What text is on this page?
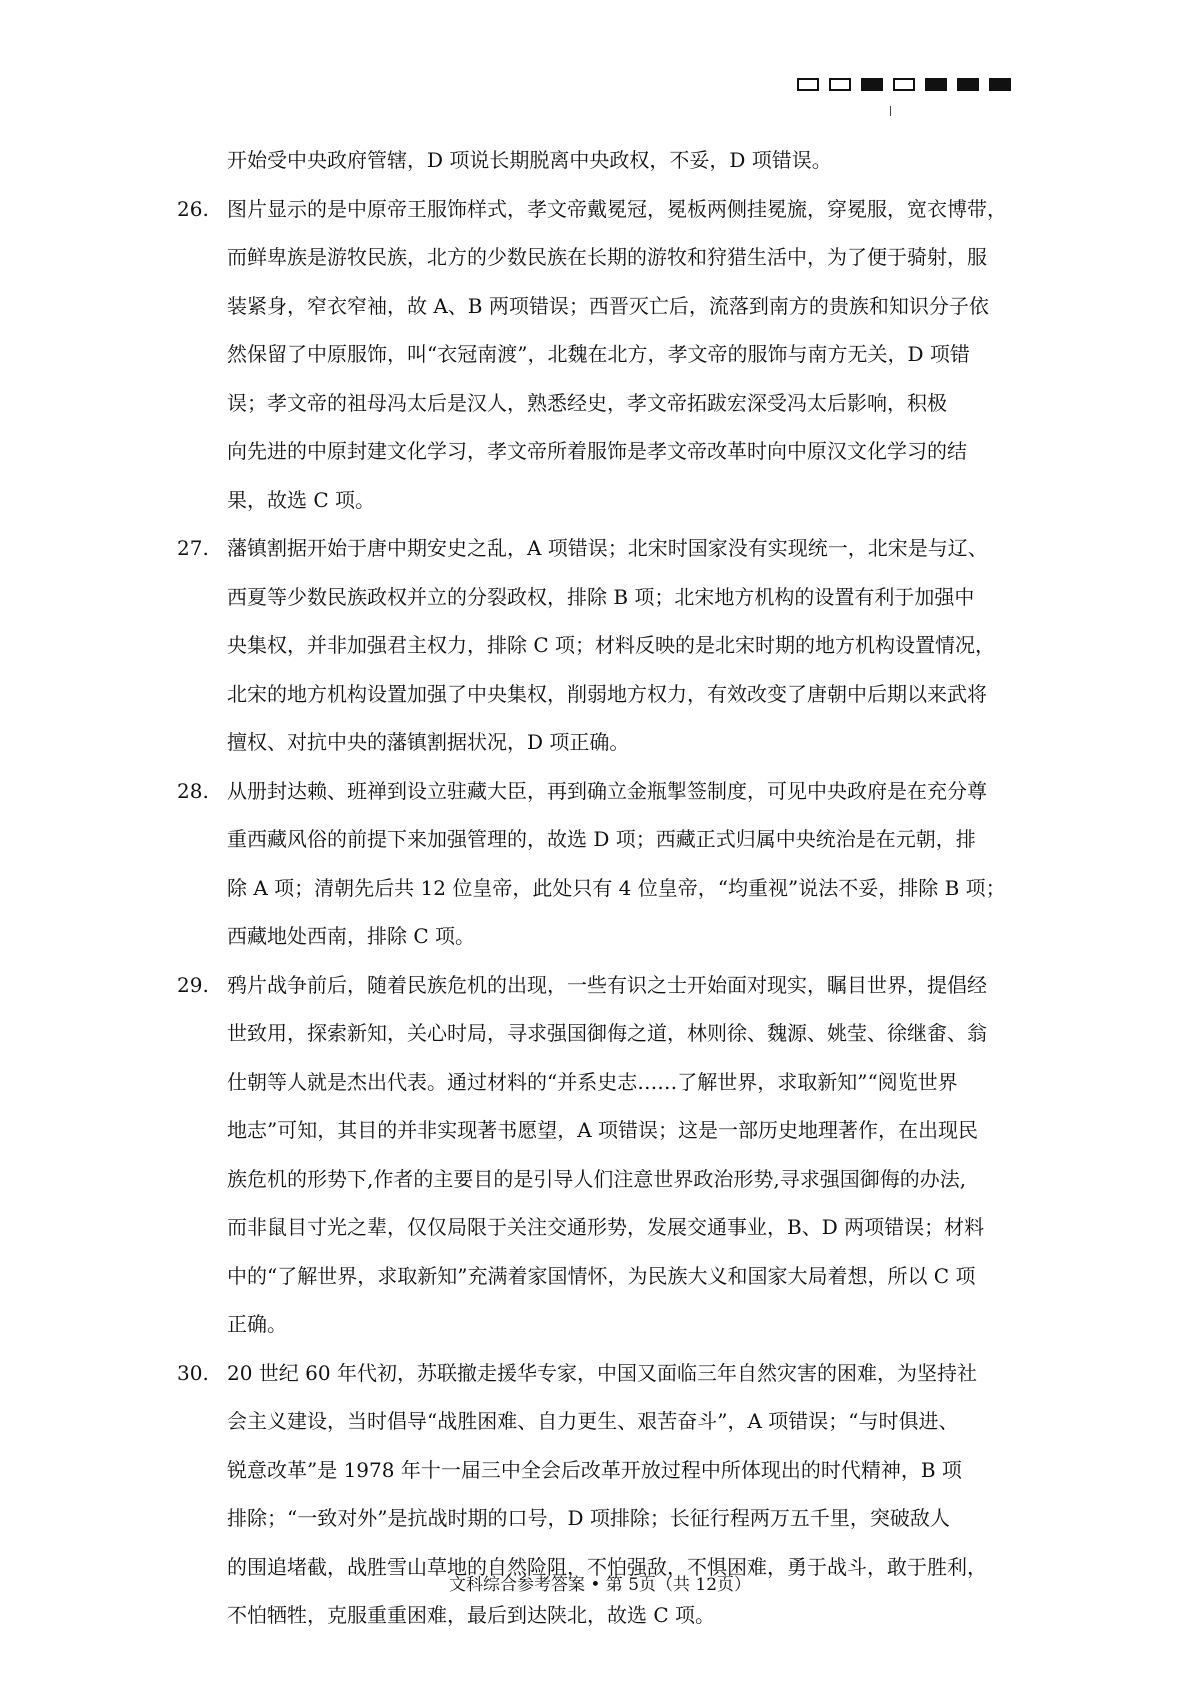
开始受中央政府管辖，D 项说长期脱离中央政权，不妥，D 项错误。
26. 图片显示的是中原帝王服饰样式，孝文帝戴冕冠，冕板两侧挂冕旒，穿冕服，宽衣博带，
而鲜卑族是游牧民族，北方的少数民族在长期的游牧和狩猎生活中，为了便于骑射，服
装紧身，窄衣窄袖，故 A、B 两项错误；西晋灭亡后，流落到南方的贵族和知识分子依
然保留了中原服饰，叫“衣冠南渡”，北魏在北方，孝文帝的服饰与南方无关，D 项错
误；孝文帝的祖母冯太后是汉人，熟悉经史，孝文帝拓跋宏深受冯太后影响，积极
向先进的中原封建文化学习，孝文帝所着服饰是孝文帝改革时向中原汉文化学习的结
果，故选 C 项。
27. 藩镇割据开始于唐中期安史之乱，A 项错误；北宋时国家没有实现统一，北宋是与辽、
西夏等少数民族政权并立的分裂政权，排除 B 项；北宋地方机构的设置有利于加强中
央集权，并非加强君主权力，排除 C 项；材料反映的是北宋时期的地方机构设置情况，
北宋的地方机构设置加强了中央集权，削弱地方权力，有效改变了唐朝中后期以来武将
擅权、对抗中央的藩镇割据状况，D 项正确。
28. 从册封达赖、班禅到设立驻藏大臣，再到确立金瓶掣签制度，可见中央政府是在充分尊
重西藏风俗的前提下来加强管理的，故选 D 项；西藏正式归属中央统治是在元朝，排
除 A 项；清朝先后共 12 位皇帝，此处只有 4 位皇帝，“均重视”说法不妥，排除 B 项；
西藏地处西南，排除 C 项。
29. 鸦片战争前后，随着民族危机的出现，一些有识之士开始面对现实，瞩目世界，提倡经
世致用，探索新知，关心时局，寻求强国御侮之道，林则徐、魏源、姚莹、徐继畬、翁
仕朝等人就是杰出代表。通过材料的“并系史志……了解世界，求取新知”“阅览世界
地志”可知，其目的并非实现著书愿望，A 项错误；这是一部历史地理著作，在出现民
族危机的形势下,作者的主要目的是引导人们注意世界政治形势,寻求强国御侮的办法,
而非鼠目寸光之辈，仅仅局限于关注交通形势，发展交通事业，B、D 两项错误；材料
中的“了解世界，求取新知”充满着家国情怀，为民族大义和国家大局着想，所以 C 项
正确。
30. 20 世纪 60 年代初，苏联撤走援华专家，中国又面临三年自然灾害的困难，为坚持社
会主义建设，当时倡导“战胜困难、自力更生、艰苦奋斗”，A 项错误；“与时俱进、
锐意改革”是 1978 年十一届三中全会后改革开放过程中所体现出的时代精神，B 项
排除；“一致对外”是抗战时期的口号，D 项排除；长征行程两万五千里，突破敌人
的围追堵截，战胜雪山草地的自然险阻，不怕强敌，不惧困难，勇于战斗，敢于胜利，
不怕牺牲，克服重重困难，最后到达陕北，故选 C 项。
文科综合参考答案 • 第 5页（共 12页）
